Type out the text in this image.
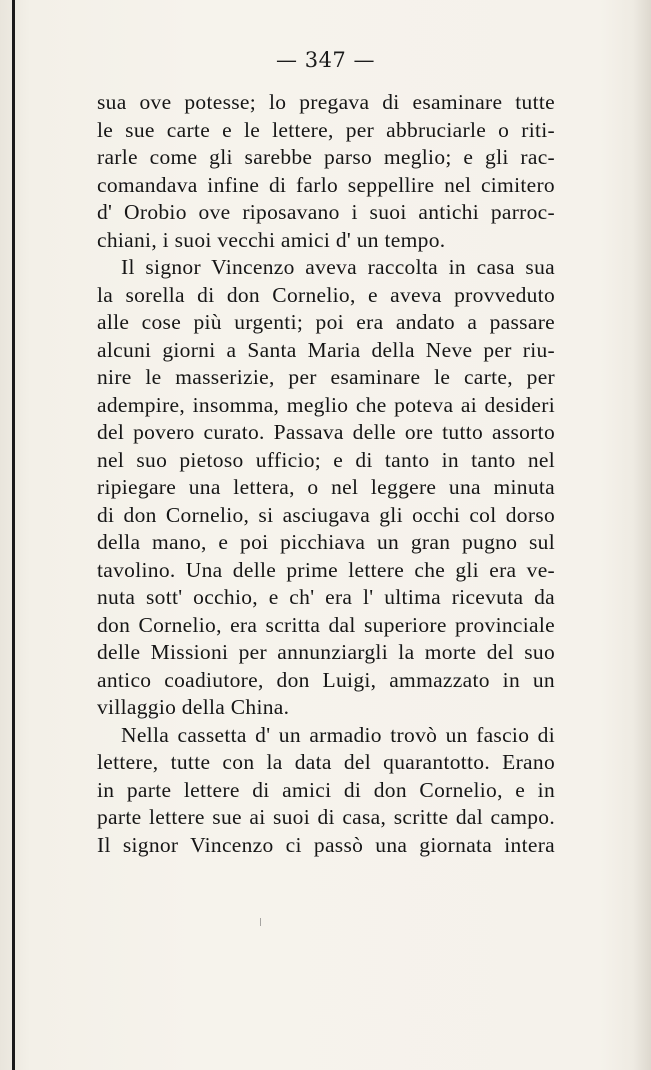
— 347 —
sua ove potesse; lo pregava di esaminare tutte
le sue carte e le lettere, per abbruciarle o riti-
rarle come gli sarebbe parso meglio; e gli rac-
comandava infine di farlo seppellire nel cimitero
d' Orobio ove riposavano i suoi antichi parroc-
chiani, i suoi vecchi amici d' un tempo.
Il signor Vincenzo aveva raccolta in casa sua
la sorella di don Cornelio, e aveva provveduto
alle cose più urgenti; poi era andato a passare
alcuni giorni a Santa Maria della Neve per riu-
nire le masserizie, per esaminare le carte, per
adempire, insomma, meglio che poteva ai desideri
del povero curato. Passava delle ore tutto assorto
nel suo pietoso ufficio; e di tanto in tanto nel
ripiegare una lettera, o nel leggere una minuta
di don Cornelio, si asciugava gli occhi col dorso
della mano, e poi picchiava un gran pugno sul
tavolino. Una delle prime lettere che gli era ve-
nuta sott' occhio, e ch' era l' ultima ricevuta da
don Cornelio, era scritta dal superiore provinciale
delle Missioni per annunziargli la morte del suo
antico coadiutore, don Luigi, ammazzato in un
villaggio della China.
Nella cassetta d' un armadio trovò un fascio di
lettere, tutte con la data del quarantotto. Erano
in parte lettere di amici di don Cornelio, e in
parte lettere sue ai suoi di casa, scritte dal campo.
Il signor Vincenzo ci passò una giornata intera
